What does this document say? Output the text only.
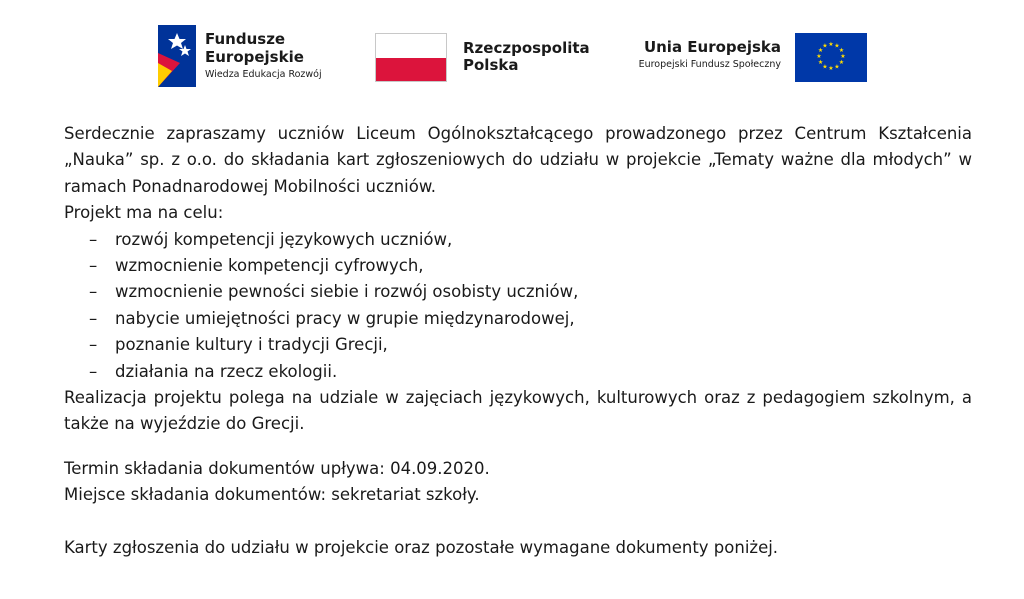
Fundusze
Europejskie
Wiedza Edukacja Rozwój
Rzeczpospolita
Polska
Unia Europejska
Europejski Fundusz Społeczny
★ ★
★
★
★
★
★
★
★
★
★
★

Serdecznie zapraszamy uczniów Liceum Ogólnokształcącego prowadzonego przez Centrum Kształcenia „Nauka” sp. z o.o. do składania kart zgłoszeniowych do udziału w projekcie „Tematy ważne dla młodych” w ramach Ponadnarodowej Mobilności uczniów.

Projekt ma na celu:
– rozwój kompetencji językowych uczniów,
– wzmocnienie kompetencji cyfrowych,
– wzmocnienie pewności siebie i rozwój osobisty uczniów,
– nabycie umiejętności pracy w grupie międzynarodowej,
– poznanie kultury i tradycji Grecji,
– działania na rzecz ekologii.

Realizacja projektu polega na udziale w zajęciach językowych, kulturowych oraz z pedagogiem szkolnym, a także na wyjeździe do Grecji.

Termin składania dokumentów upływa: 04.09.2020.
Miejsce składania dokumentów: sekretariat szkoły.
Karty zgłoszenia do udziału w projekcie oraz pozostałe wymagane dokumenty poniżej.
